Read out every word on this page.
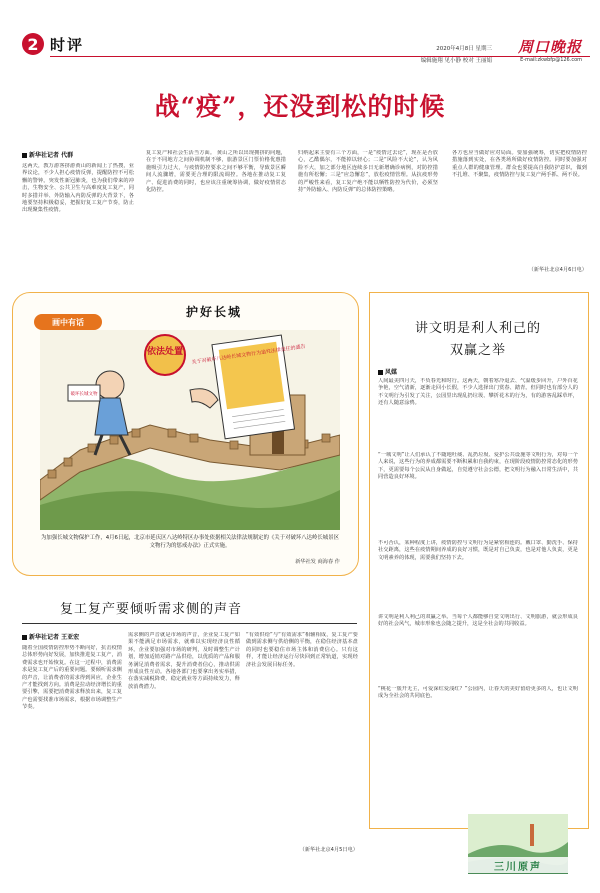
2 时评	2020年4月8日 星期三
编辑施翔 见小静 校对 王丽娟
周口晚报
E-mail:zkwbfp@126.com
战“疫”，还没到松的时候
新华社记者 代群
这两天，教万游客挤游黄山的新闻上了热搜，业界议论，不少人担心疫情反弹，提醒防控不可松懈的警钟。突发性新冠肺炎，也为我们带来的冲击，生物安全、公共卫生与高难度复工复产，同时多措并举、外防输入内防反弹的大背景下，各地要坚持积极稳妥，把握好复工复产节奏，防止出现聚集性疫情。
复工复产和社会生活当方面。 黄山之所以出现拥挤的问题，在于不同地方之间协调机制不够，旅游景区门票价格优惠措施吸引力过大，与疫情防控要求之间不够平衡，导致景区瞬间人流骤增，需要更合理的限流调控。各地在推动复工复产、促进消费的同时，也应该注重统筹协调，做好疫情常态化防控。
归纳起来主要有三个方面，一是“疫情过去论”，现在是否放心，乙酷偶尔，不能掉以轻心；二是“风险不大论”，认为风险不大，加之部分地区连续多日无新增确诊病例，对防控措施有所松懈；三是“应急懈怠”，放松疫情管理。从抗疫形势的严峻性来看，复工复产绝不能以牺牲防控为代价，必须坚持“外防输入、内防反弹”的总体防控策略。
各方也应当做好应对局面。要加强统筹，切实把疫情防控措施落到实处，在各类场所做好疫情防控。同时要加强对重点人群的健康管理。群众也要提高自我防护意识，做到不扎堆、不聚集，疫情防控与复工复产两手抓、两不误。
（新华社北京4月6日电）
画中有话
护好长城
关于对破坏八达岭长城文物行为追究法律责任的通告
依法处置
破坏长城文物
为加强长城文物保护工作，4月6日起，北京市延庆区八达岭特区办事处依据相关法律法规制定的《关于对破坏八达岭长城景区文物行为的惩戒办法》正式实施。
新华社发 商海春 作
讲文明是利人利己的
双赢之举
风媒
人间最美四月天，不负春光和时行。这两天，朝着寒冷退去、气温缓步回升，户外百花争艳，空气清新，逐渐走回小长假，不少人选择出门赏春、踏青。但同时也有部分人的不文明行为引发了关注，公园里出现乱扔垃圾、攀折花木的行为，有的游客乱踩草坪，还有人随意涂鸦。
“一城文明”让人们承认了不随地吐痰、乱扔垃圾、爱护公共设施等文明行为，对每一个人来说，这些行为的养成都需要不断积累和自我约束，在现阶段疫情防控常态化的形势下，更需要每个公民从自身做起，自觉遵守社会公德，把文明行为融入日常生活中，共同营造良好环境。
不可否认，某种程度上讲，疫情防控与文明行为是紧密相连的。戴口罩、勤洗手、保持社交距离，这些在疫情期间养成的良好习惯，既是对自己负责，也是对他人负责，更是文明素养的体现，需要我们坚持下去。
讲文明是利人利己的双赢之举。当每个人都能够自觉文明出行、文明旅游，就会形成良好的社会风气，城市形象也会随之提升，这是全社会的共同收益。
“桃花一簇开无主，可爱深红爱浅红？”公园内，让春天的美好留给更多的人，也让文明成为全社会的共同底色。
三川原声
复工复产要倾听需求侧的声音
新华社记者 王亚宏
随着全国疫情防控形势不断向好，抗击疫情总体形势向好发展，加快推进复工复产，消费需求也开始恢复。在这一过程中，消费需求是复工复产后的重要问题。要倾听需求侧的声音，让消费者的需求得到回应，企业生产才能找到方向。消费是拉动经济增长的重要引擎，需要把消费需求释放出来，复工复产也需要找准市场需求，根据市场调整生产节奏。
需求侧的声音就是市场的声音，企业复工复产如果不能满足市场需求，就难以实现经济良性循环。企业要加强对市场的研判，及时调整生产计划，增加适销对路产品供给，以优质的产品和服务满足消费者需求，提升消费者信心，推动供需形成良性互动。各地各部门也要拿出务实举措，在落实减税降费、稳定就业等方面持续发力，释放消费潜力。
“有效供给”与“有效需求”相辅相成，复工复产要做到需求侧与供给侧的平衡，在稳住经济基本盘的同时也要稳住市场主体和消费信心。只有这样，才能让经济运行尽快回到正常轨道，实现经济社会发展目标任务。
（新华社北京4月5日电）
